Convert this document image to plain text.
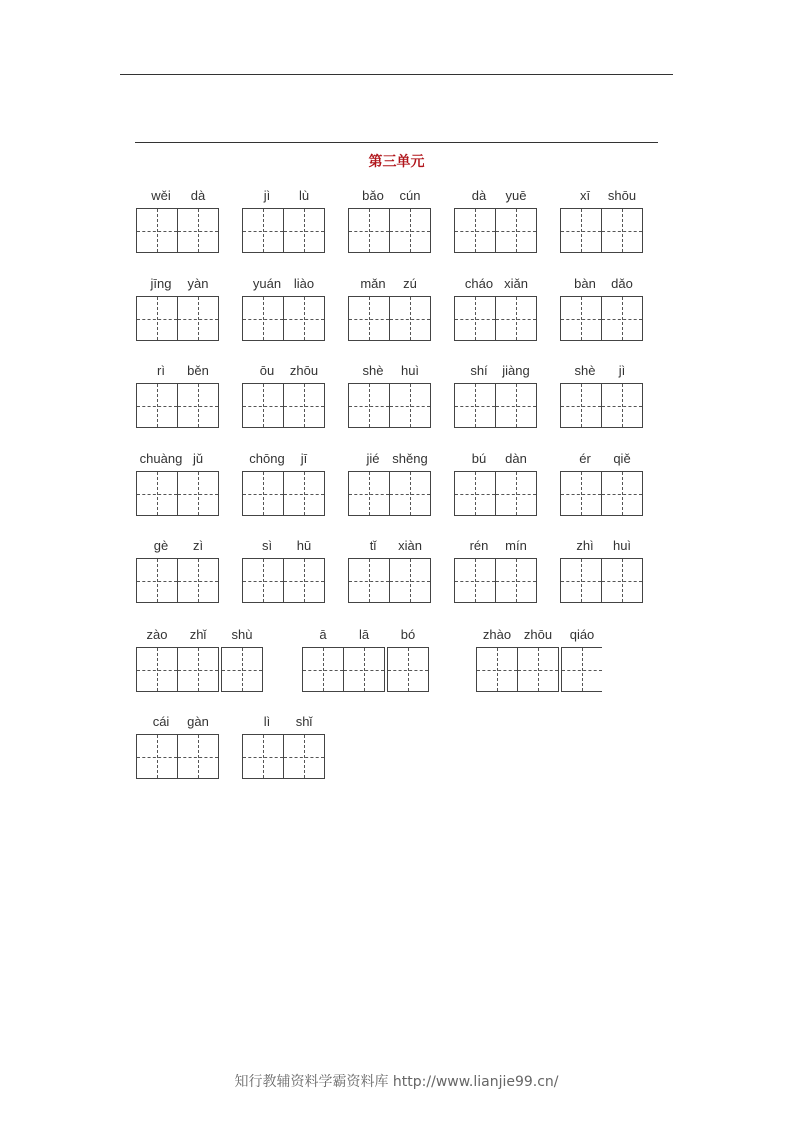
第三单元
wěi dà	jì lù	bǎo cún	dà yuē	xī shōu
jīng yàn	yuán liào	mǎn zú	cháo xiǎn	bàn dǎo
rì běn	ōu zhōu	shè huì	shí jiàng	shè jì
chuàng jǔ	chōng jī	jié shěng	bú dàn	ér qiě
gè zì	sì hū	tǐ xiàn	rén mín	zhì huì
zào zhǐ shù	ā lā bó	zhào zhōu qiáo
cái gàn	lì shǐ
知行教辅资料学霸资料库 http://www.lianjie99.cn/
